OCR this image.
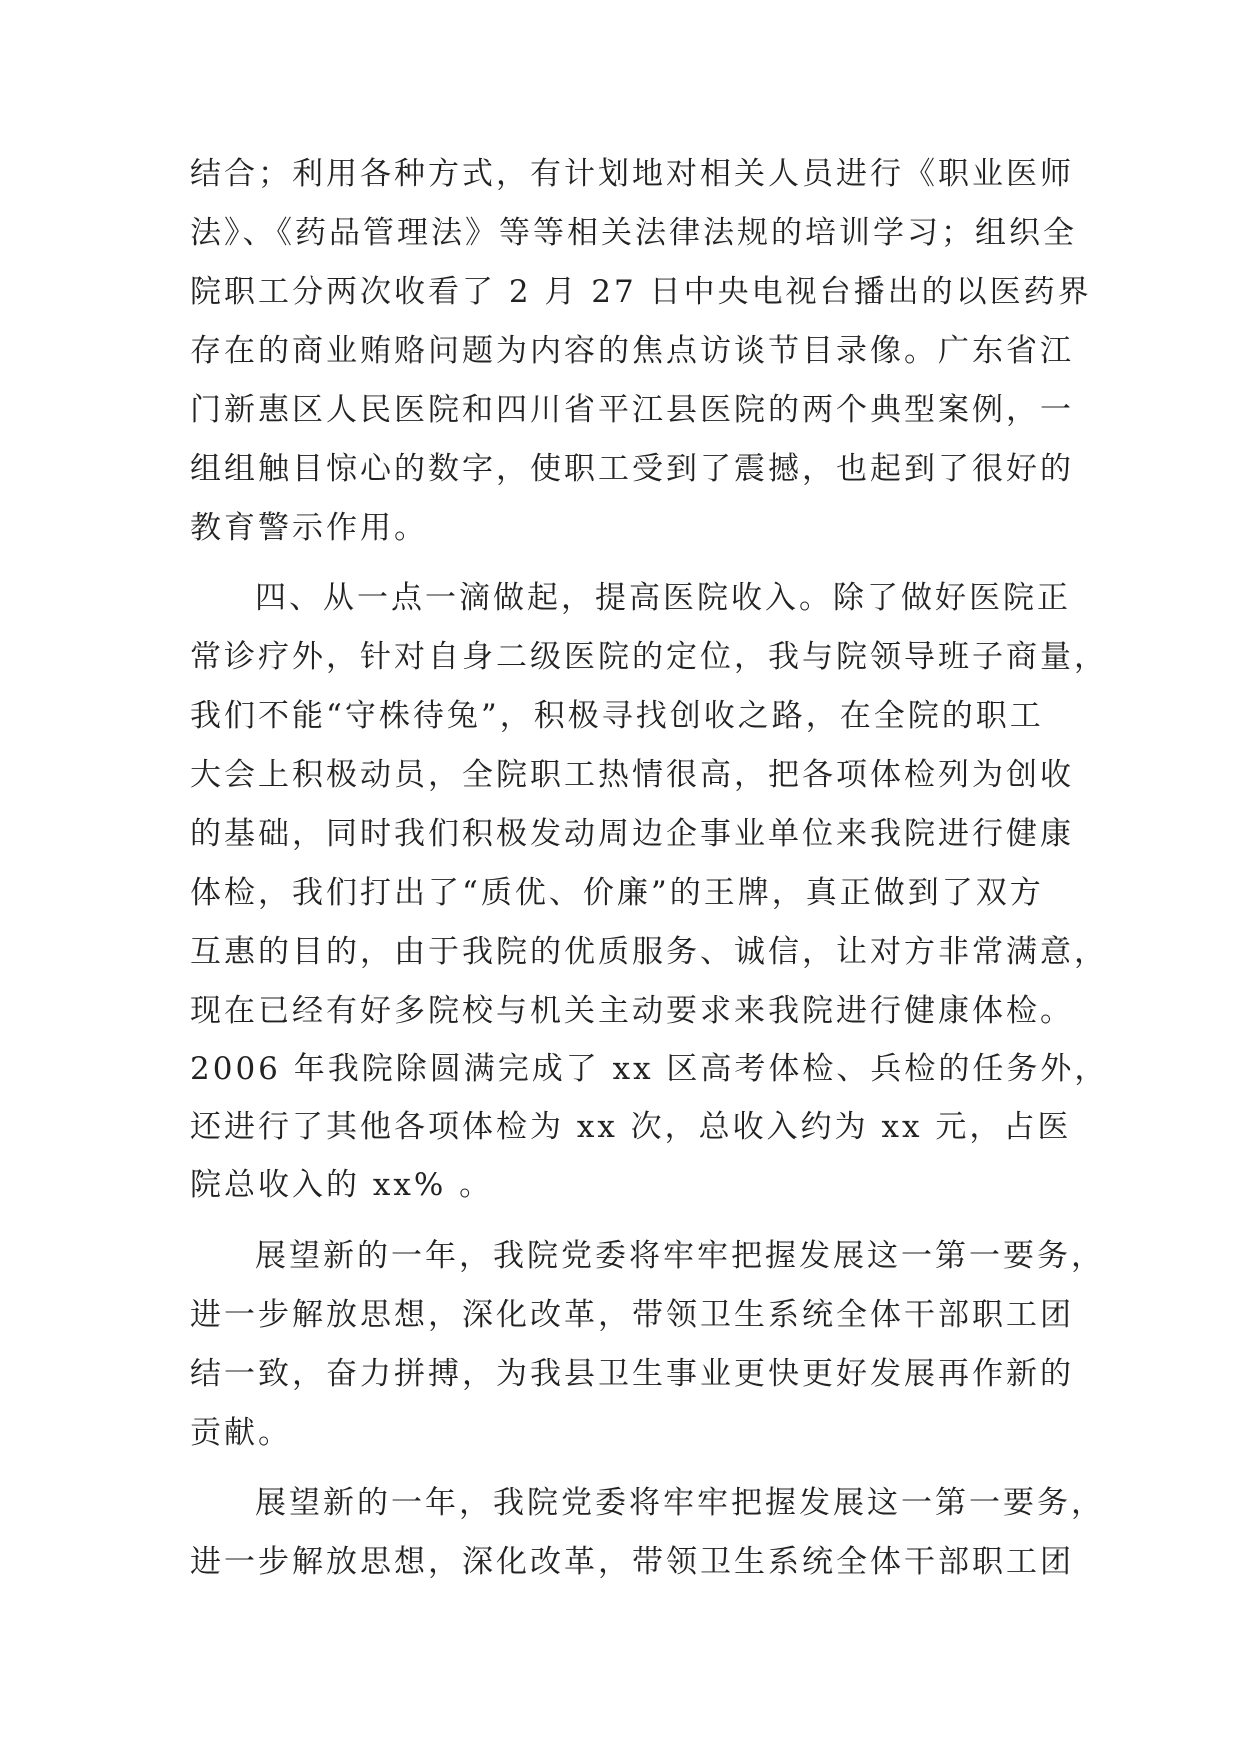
结合；利用各种方式，有计划地对相关人员进行《职业医师
法》、《药品管理法》等等相关法律法规的培训学习；组织全
院职工分两次收看了 2 月 27 日中央电视台播出的以医药界
存在的商业贿赂问题为内容的焦点访谈节目录像。广东省江
门新惠区人民医院和四川省平江县医院的两个典型案例，一
组组触目惊心的数字，使职工受到了震撼，也起到了很好的
教育警示作用。
四、从一点一滴做起，提高医院收入。除了做好医院正
常诊疗外，针对自身二级医院的定位，我与院领导班子商量，
我们不能“守株待兔”，积极寻找创收之路，在全院的职工
大会上积极动员，全院职工热情很高，把各项体检列为创收
的基础，同时我们积极发动周边企事业单位来我院进行健康
体检，我们打出了“质优、价廉”的王牌，真正做到了双方
互惠的目的，由于我院的优质服务、诚信，让对方非常满意，
现在已经有好多院校与机关主动要求来我院进行健康体检。
2006 年我院除圆满完成了 xx 区高考体检、兵检的任务外，
还进行了其他各项体检为 xx 次，总收入约为 xx 元，占医
院总收入的 xx% 。
展望新的一年，我院党委将牢牢把握发展这一第一要务，
进一步解放思想，深化改革，带领卫生系统全体干部职工团
结一致，奋力拼搏，为我县卫生事业更快更好发展再作新的
贡献。
展望新的一年，我院党委将牢牢把握发展这一第一要务，
进一步解放思想，深化改革，带领卫生系统全体干部职工团
